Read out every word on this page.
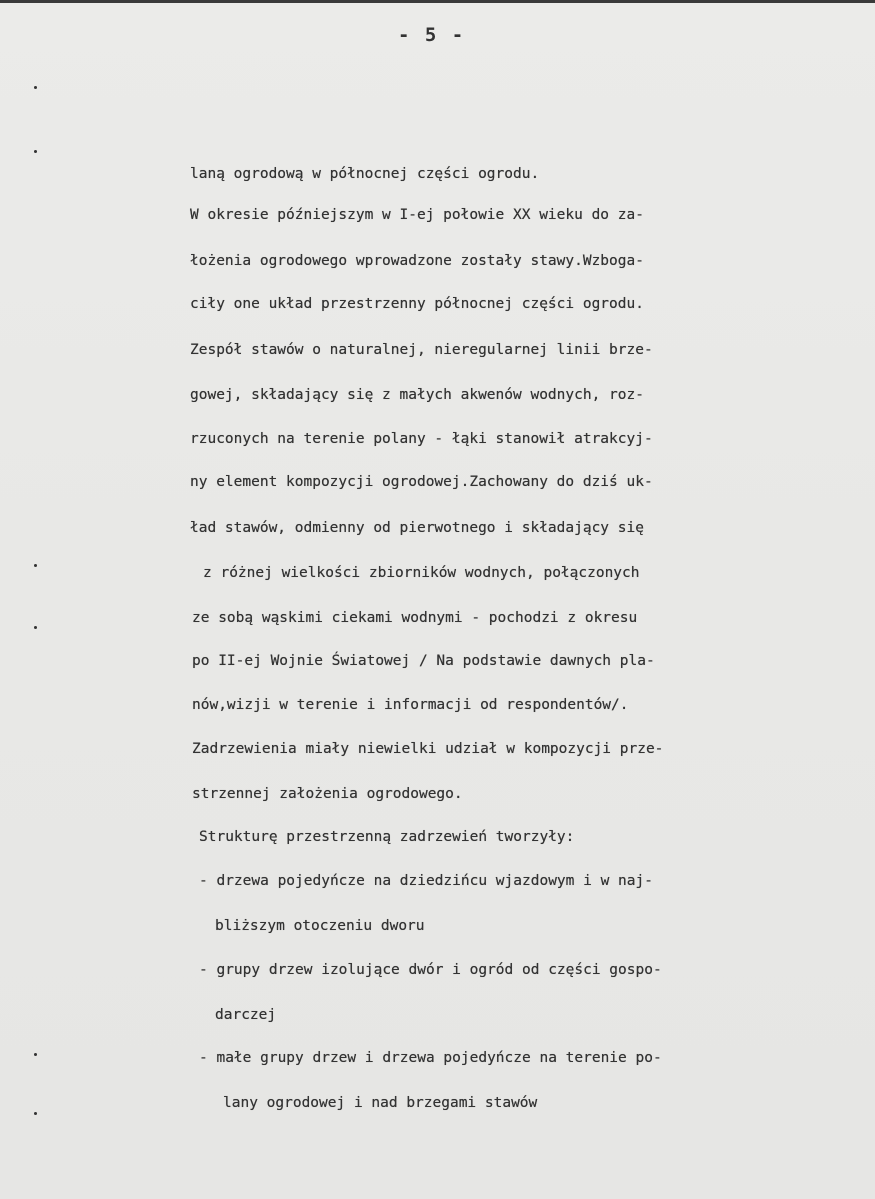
- 5 -
laną ogrodową w północnej części ogrodu.
W okresie późniejszym w I-ej połowie XX wieku do za-
łożenia ogrodowego wprowadzone zostały stawy.Wzboga-
ciły one układ przestrzenny północnej części ogrodu.
Zespół stawów o naturalnej, nieregularnej linii brze-
gowej, składający się z małych akwenów wodnych, roz-
rzuconych na terenie polany - łąki stanowił atrakcyj-
ny element kompozycji ogrodowej.Zachowany do dziś uk-
ład stawów, odmienny od pierwotnego i składający się
z różnej wielkości zbiorników wodnych, połączonych
ze sobą wąskimi ciekami wodnymi - pochodzi z okresu
po II-ej Wojnie Światowej / Na podstawie dawnych pla-
nów,wizji w terenie i informacji od respondentów/.
Zadrzewienia miały niewielki udział w kompozycji prze-
strzennej założenia ogrodowego.
Strukturę przestrzenną zadrzewień tworzyły:
- drzewa pojedyńcze na dziedzińcu wjazdowym i w naj-
bliższym otoczeniu dworu
- grupy drzew izolujące dwór i ogród od części gospo-
darczej
- małe grupy drzew i drzewa pojedyńcze na terenie po-
lany ogrodowej i nad brzegami stawów
